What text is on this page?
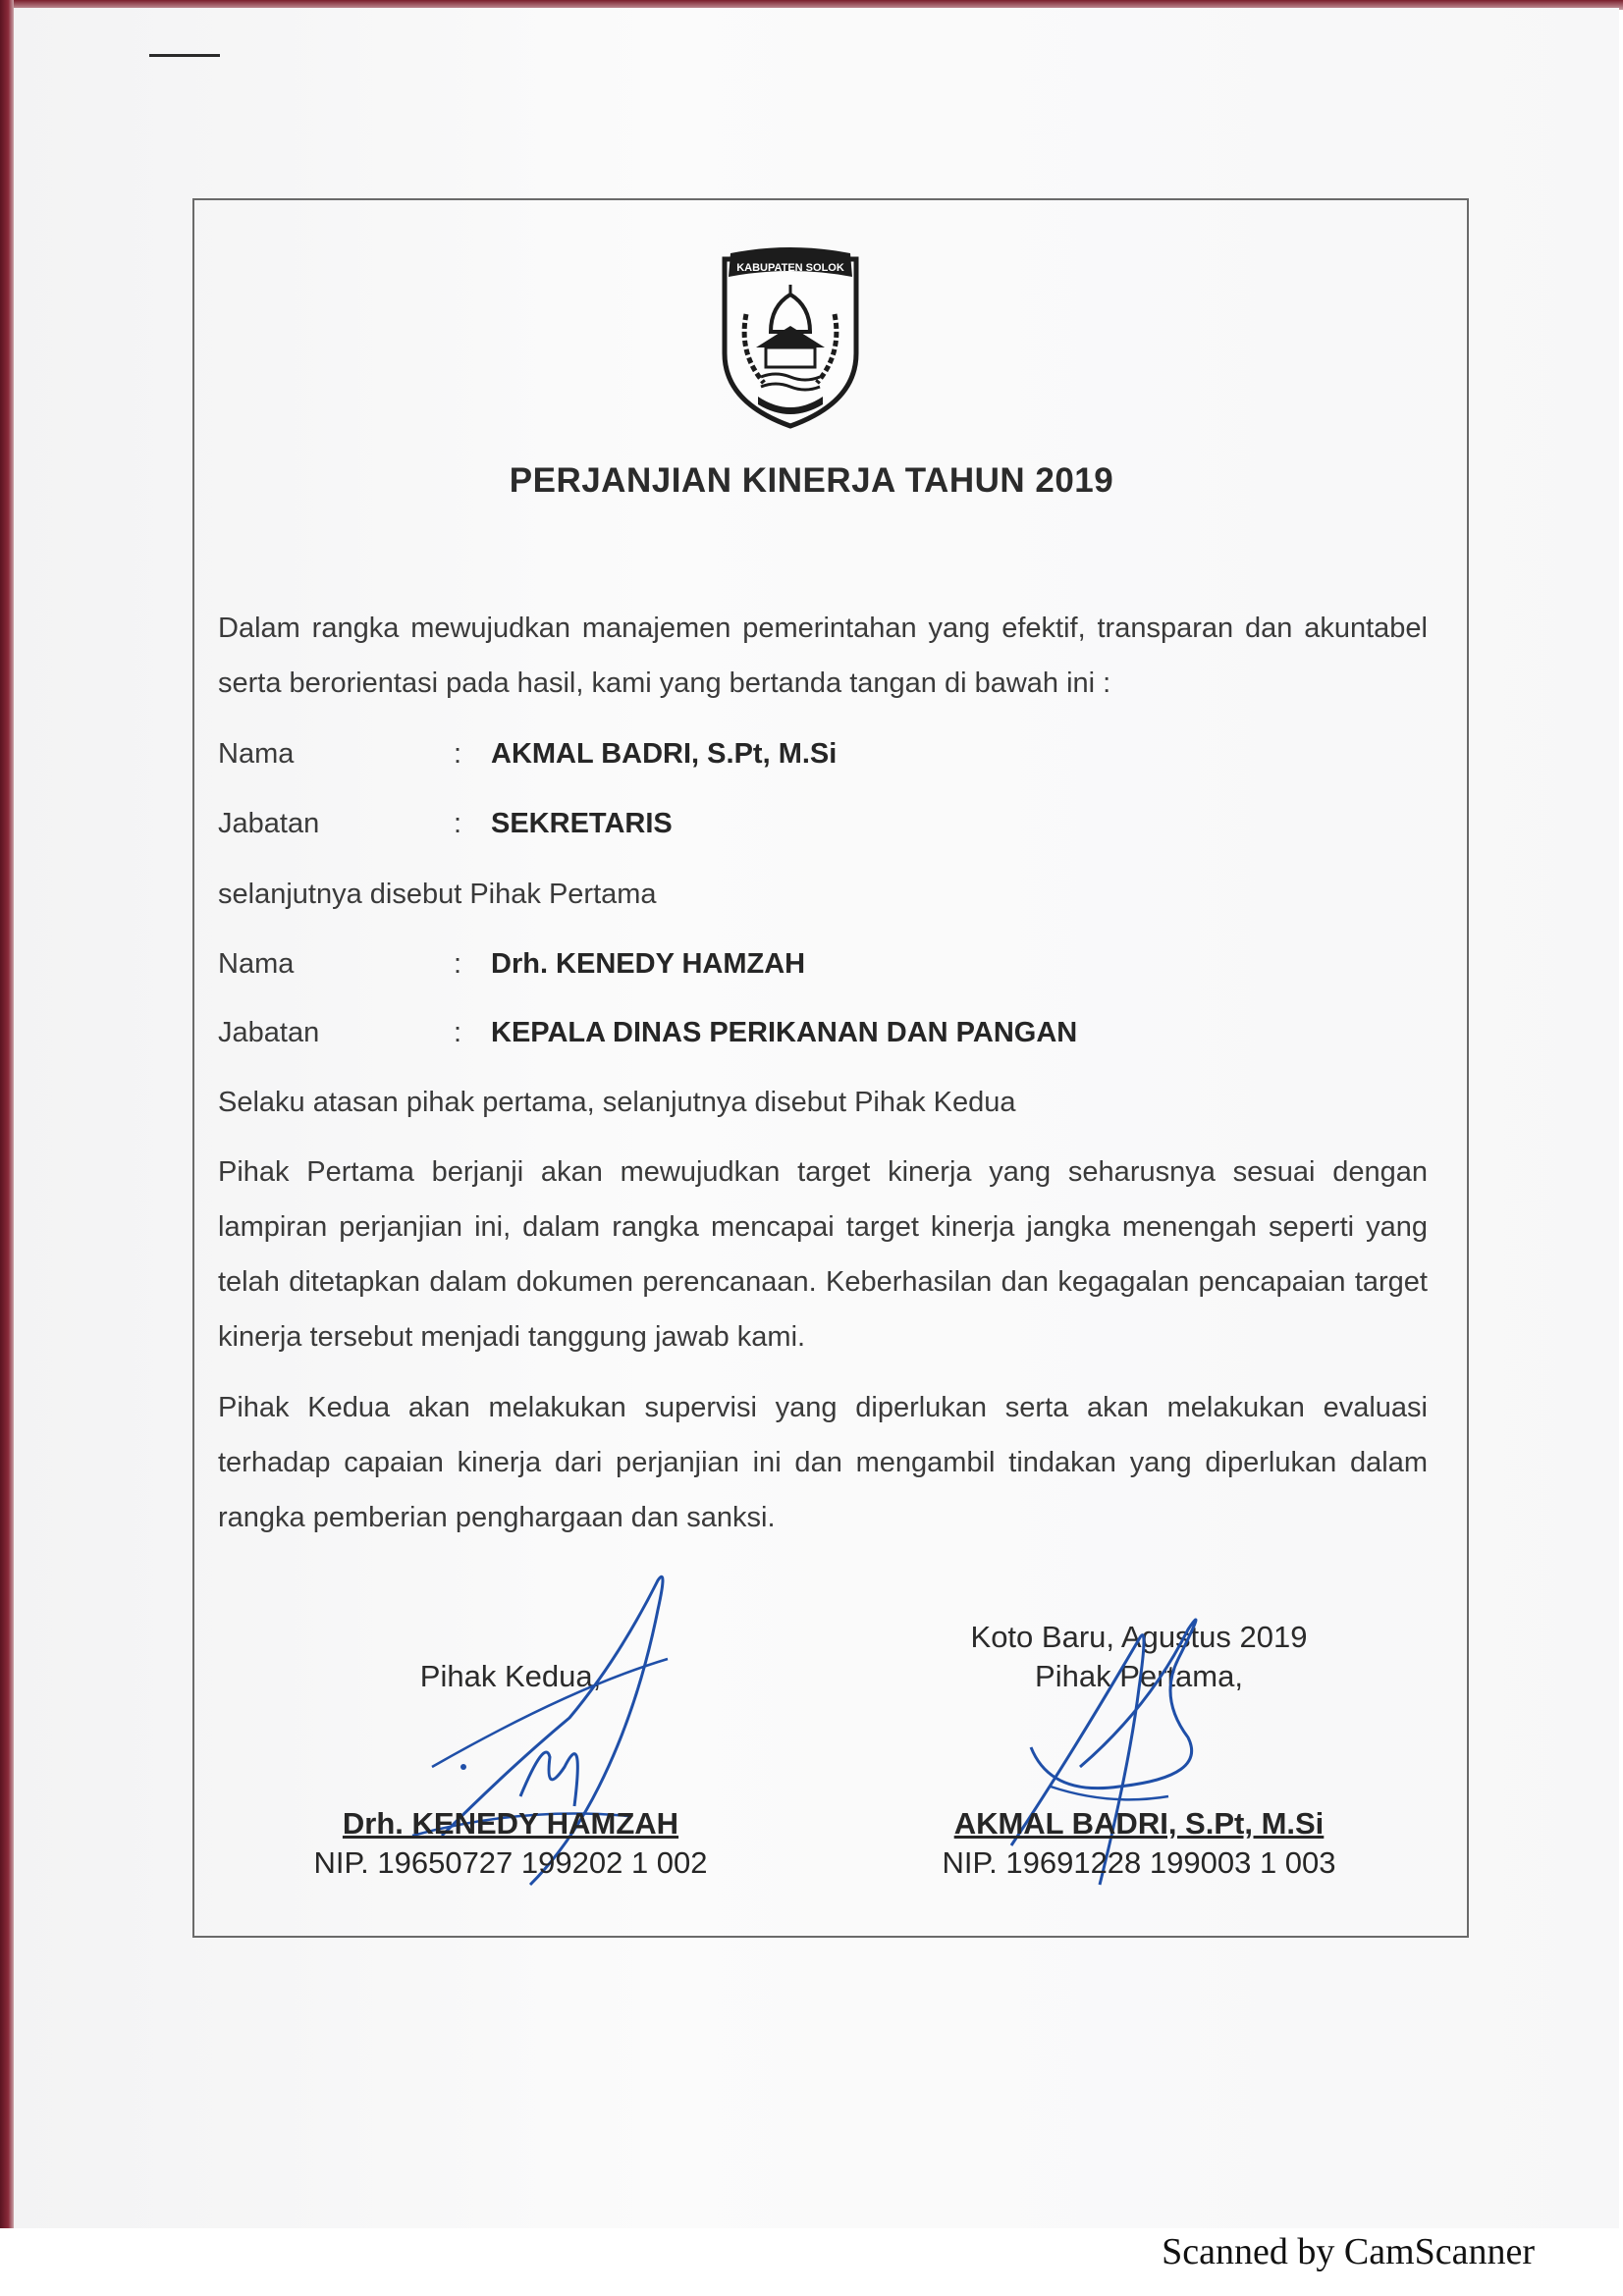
KABUPATEN SOLOK
PERJANJIAN KINERJA TAHUN 2019
Dalam rangka mewujudkan manajemen pemerintahan yang efektif, transparan dan akuntabel serta berorientasi pada hasil, kami yang bertanda tangan di bawah ini :
Nama	: AKMAL BADRI, S.Pt, M.Si
Jabatan	: SEKRETARIS
selanjutnya disebut Pihak Pertama
Nama	: Drh. KENEDY HAMZAH
Jabatan	: KEPALA DINAS PERIKANAN DAN PANGAN
Selaku atasan pihak pertama, selanjutnya disebut Pihak Kedua
Pihak Pertama berjanji akan mewujudkan target kinerja yang seharusnya sesuai dengan lampiran perjanjian ini, dalam rangka mencapai target kinerja jangka menengah seperti yang telah ditetapkan dalam dokumen perencanaan. Keberhasilan dan kegagalan pencapaian target kinerja tersebut menjadi tanggung jawab kami.
Pihak Kedua akan melakukan supervisi yang diperlukan serta akan melakukan evaluasi terhadap capaian kinerja dari perjanjian ini dan mengambil tindakan yang diperlukan dalam rangka pemberian penghargaan dan sanksi.
Koto Baru, Agustus 2019
Pihak Pertama,
Pihak Kedua,
Drh. KENEDY HAMZAH
NIP. 19650727 199202 1 002
AKMAL BADRI, S.Pt, M.Si
NIP. 19691228 199003 1 003
Scanned by CamScanner
